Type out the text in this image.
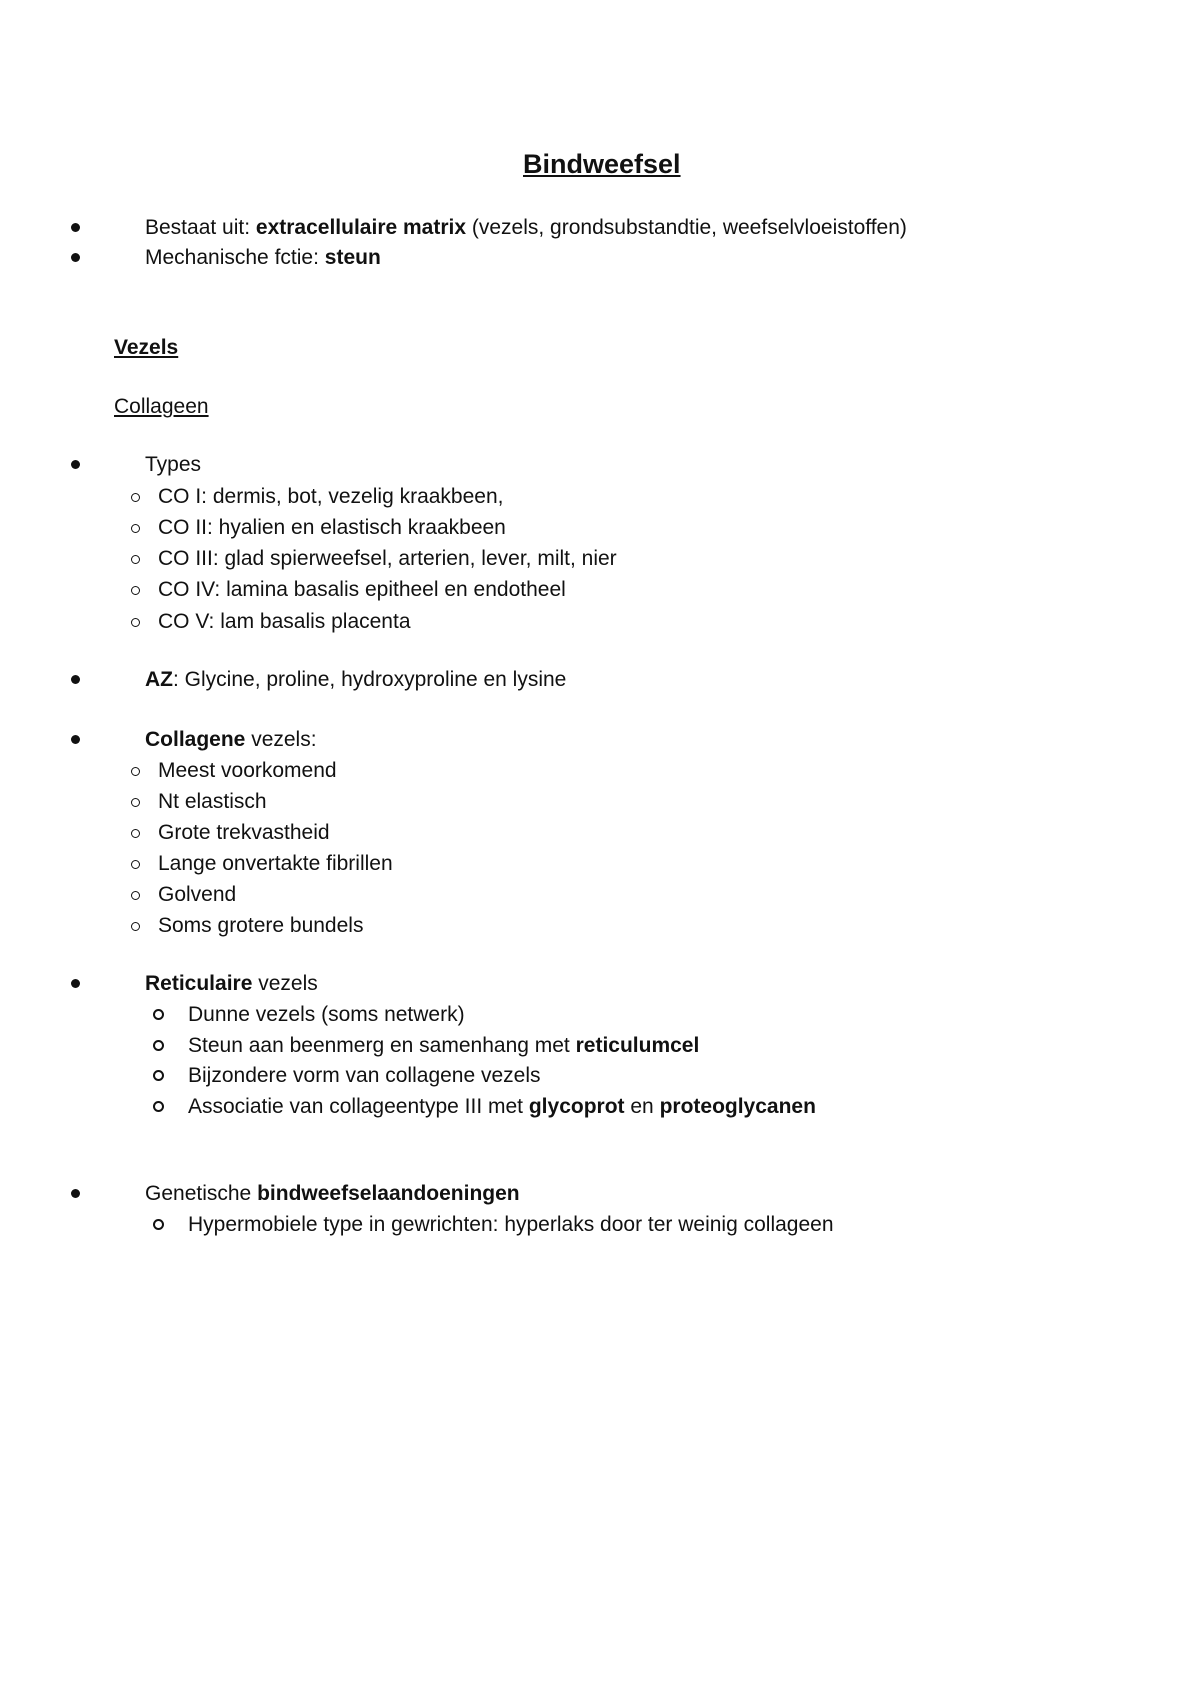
Bindweefsel
Bestaat uit: extracellulaire matrix (vezels, grondsubstandtie, weefselvloeistoffen)
Mechanische fctie: steun
Vezels
Collageen
Types
CO I: dermis, bot, vezelig kraakbeen,
CO II: hyalien en elastisch kraakbeen
CO III: glad spierweefsel, arterien, lever, milt, nier
CO IV: lamina basalis epitheel en endotheel
CO V: lam basalis placenta
AZ: Glycine, proline, hydroxyproline en lysine
Collagene vezels:
Meest voorkomend
Nt elastisch
Grote trekvastheid
Lange onvertakte fibrillen
Golvend
Soms grotere bundels
Reticulaire vezels
Dunne vezels (soms netwerk)
Steun aan beenmerg en samenhang met reticulumcel
Bijzondere vorm van collagene vezels
Associatie van collageentype III met glycoprot en proteoglycanen
Genetische bindweefselaandoeningen
Hypermobiele type in gewrichten: hyperlaks door ter weinig collageen
